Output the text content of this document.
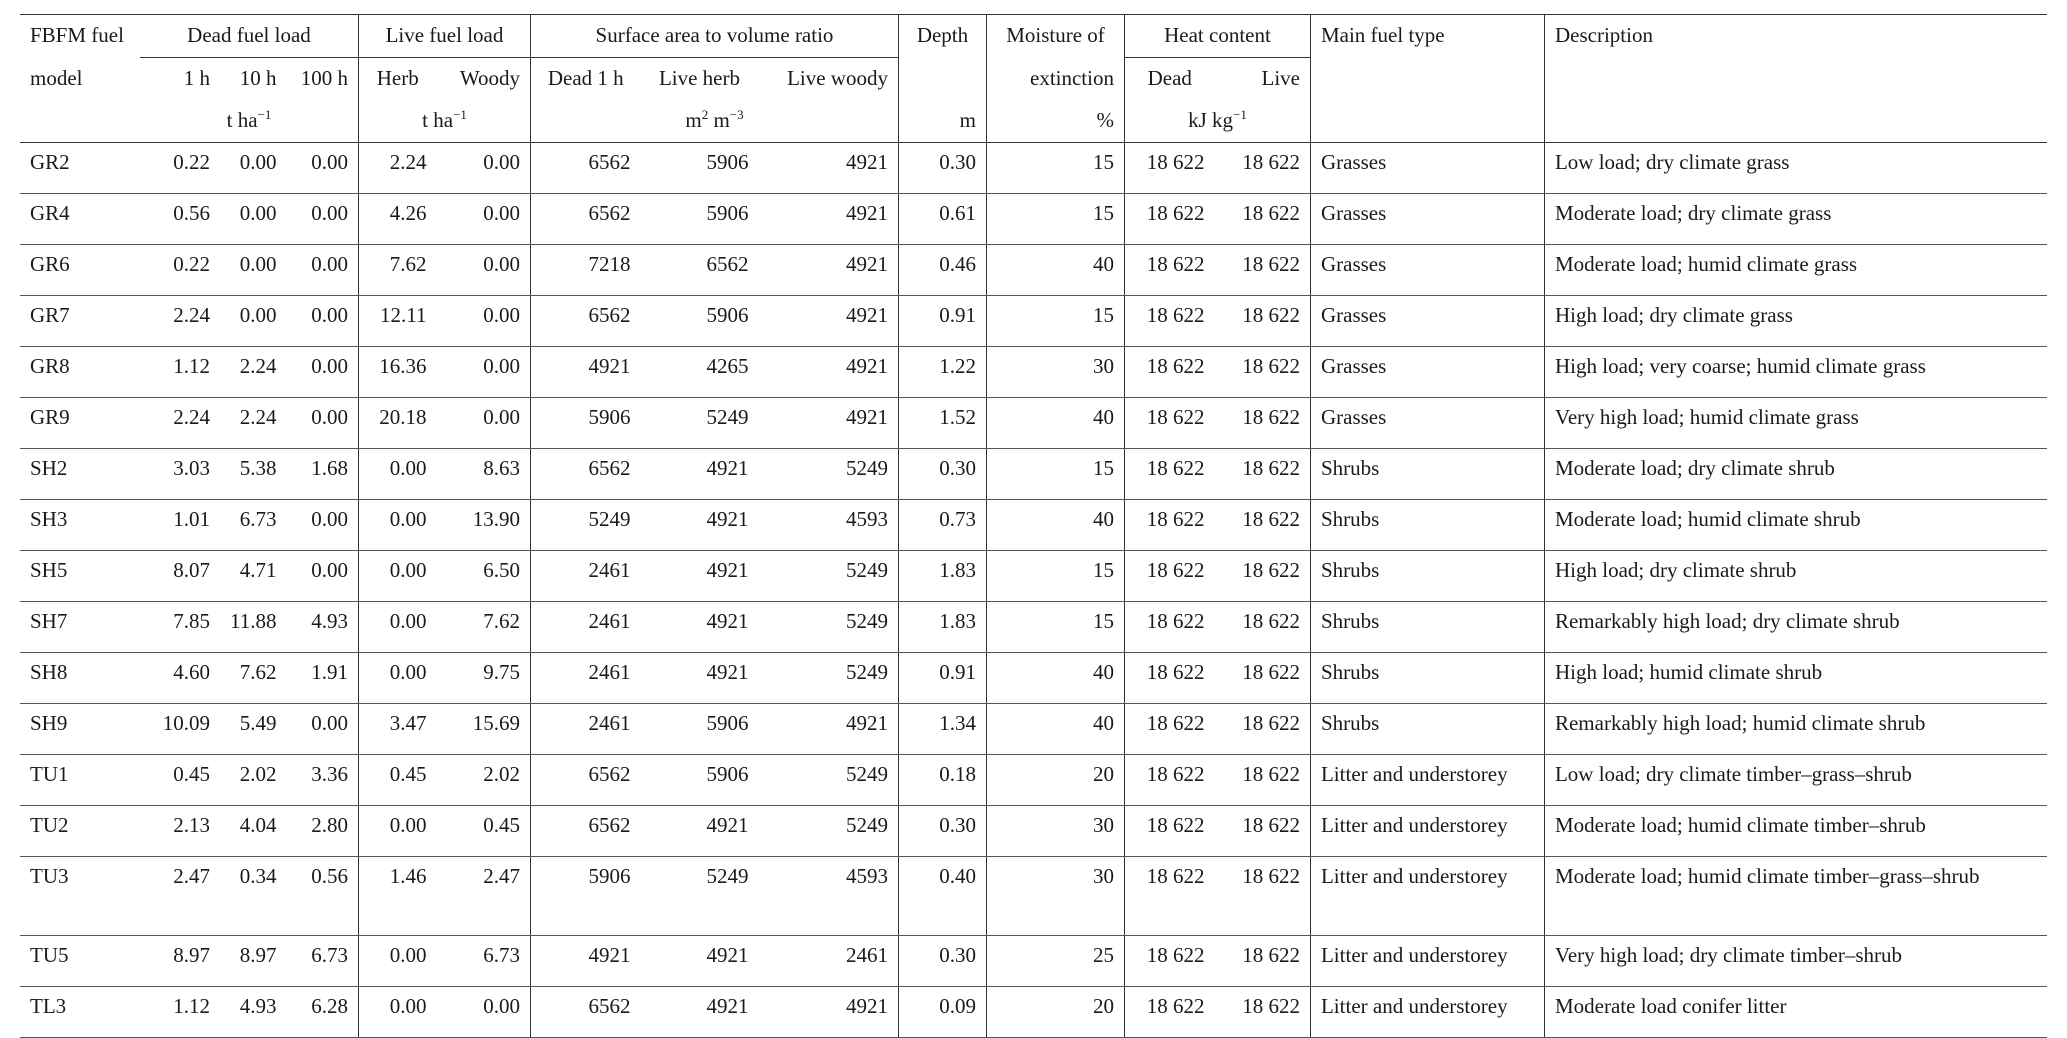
FBFM fuel	Dead fuel load			Live fuel load		Surface area to volume ratio			Depth	Moisture of	Heat content		Main fuel type	Description
model	1 h	10 h	100 h	Herb	Woody	Dead 1 h	Live herb	Live woody		extinction	Dead	Live		
	t $ha^{-1}$			t $ha^{-1}$		$m^2$ $m^{-3}$			m	%	kJ $kg^{-1}$		
GR2	0.22	0.00	0.00	2.24	0.00	6562	5906	4921	0.30	15	18 622	18 622	Grasses	Low load; dry climate grass
GR4	0.56	0.00	0.00	4.26	0.00	6562	5906	4921	0.61	15	18 622	18 622	Grasses	Moderate load; dry climate grass
GR6	0.22	0.00	0.00	7.62	0.00	7218	6562	4921	0.46	40	18 622	18 622	Grasses	Moderate load; humid climate grass
GR7	2.24	0.00	0.00	12.11	0.00	6562	5906	4921	0.91	15	18 622	18 622	Grasses	High load; dry climate grass
GR8	1.12	2.24	0.00	16.36	0.00	4921	4265	4921	1.22	30	18 622	18 622	Grasses	High load; very coarse; humid climate grass
GR9	2.24	2.24	0.00	20.18	0.00	5906	5249	4921	1.52	40	18 622	18 622	Grasses	Very high load; humid climate grass
SH2	3.03	5.38	1.68	0.00	8.63	6562	4921	5249	0.30	15	18 622	18 622	Shrubs	Moderate load; dry climate shrub
SH3	1.01	6.73	0.00	0.00	13.90	5249	4921	4593	0.73	40	18 622	18 622	Shrubs	Moderate load; humid climate shrub
SH5	8.07	4.71	0.00	0.00	6.50	2461	4921	5249	1.83	15	18 622	18 622	Shrubs	High load; dry climate shrub
SH7	7.85	11.88	4.93	0.00	7.62	2461	4921	5249	1.83	15	18 622	18 622	Shrubs	Remarkably high load; dry climate shrub
SH8	4.60	7.62	1.91	0.00	9.75	2461	4921	5249	0.91	40	18 622	18 622	Shrubs	High load; humid climate shrub
SH9	10.09	5.49	0.00	3.47	15.69	2461	5906	4921	1.34	40	18 622	18 622	Shrubs	Remarkably high load; humid climate shrub
TU1	0.45	2.02	3.36	0.45	2.02	6562	5906	5249	0.18	20	18 622	18 622	Litter and understorey	Low load; dry climate timber–grass–shrub
TU2	2.13	4.04	2.80	0.00	0.45	6562	4921	5249	0.30	30	18 622	18 622	Litter and understorey	Moderate load; humid climate timber–shrub
TU3	2.47	0.34	0.56	1.46	2.47	5906	5249	4593	0.40	30	18 622	18 622	Litter and understorey	Moderate load; humid climate timber–grass–shrub
TU5	8.97	8.97	6.73	0.00	6.73	4921	4921	2461	0.30	25	18 622	18 622	Litter and understorey	Very high load; dry climate timber–shrub
TL3	1.12	4.93	6.28	0.00	0.00	6562	4921	4921	0.09	20	18 622	18 622	Litter and understorey	Moderate load conifer litter
